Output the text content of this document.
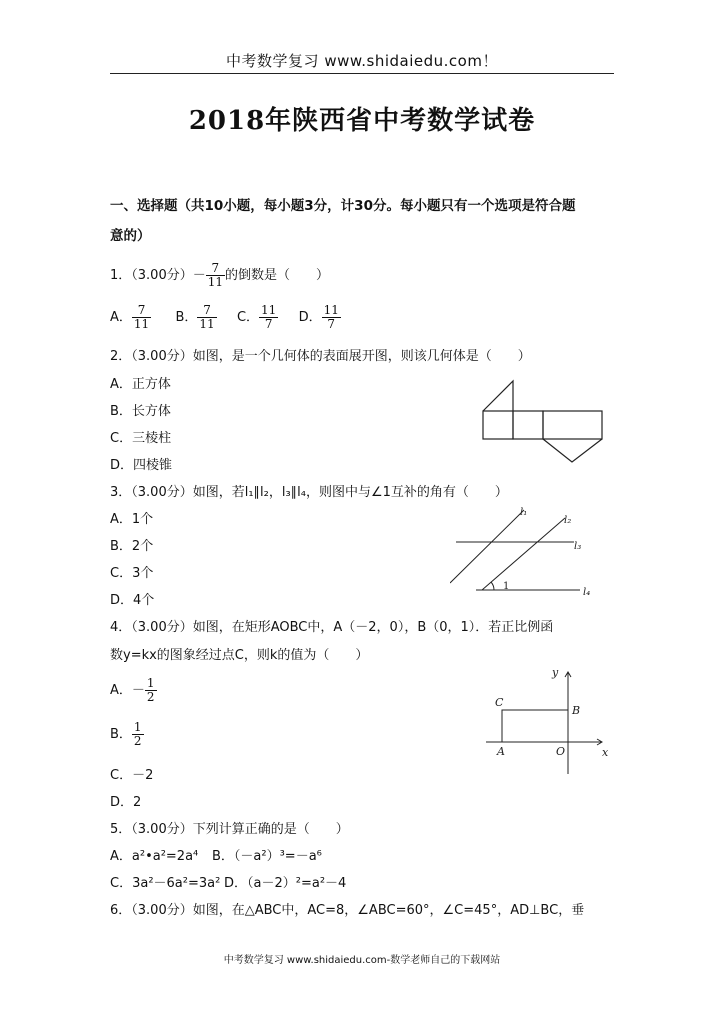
中考数学复习 www.shidaiedu.com！
2018年陕西省中考数学试卷
一、选择题（共10小题，每小题3分，计30分。每小题只有一个选项是符合题
意的）
1．（3.00分）－ $\frac{7}{11}$ 的倒数是（　　）
A． $\frac{7}{11}$ B． $\frac{7}{11}$ C． $\frac{11}{7}$ D． $\frac{11}{7}$
2．（3.00分）如图，是一个几何体的表面展开图，则该几何体是（　　）
A．正方体
B．长方体
C．三棱柱
D．四棱锥
3．（3.00分）如图，若l₁∥l₂，l₃∥l₄，则图中与∠1互补的角有（　　）
A．1个
B．2个
C．3个
D．4个
l₁
l₂
l₃
l₄
1
4．（3.00分）如图，在矩形AOBC中，A（－2，0），B（0，1）．若正比例函
数y=kx的图象经过点C，则k的值为（　　）
A．－ $\frac{1}{2}$
B． $\frac{1}{2}$
C．－2
D．2
y
x
C
B
A	O
5．（3.00分）下列计算正确的是（　　）
A．a²•a²=2a⁴ B．（－a²）³=－a⁶
C．3a²－6a²=3a² D．（a－2）²=a²－4
6．（3.00分）如图，在△ABC中，AC=8，∠ABC=60°，∠C=45°，AD⊥BC，垂
中考数学复习 www.shidaiedu.com-数学老师自己的下载网站
